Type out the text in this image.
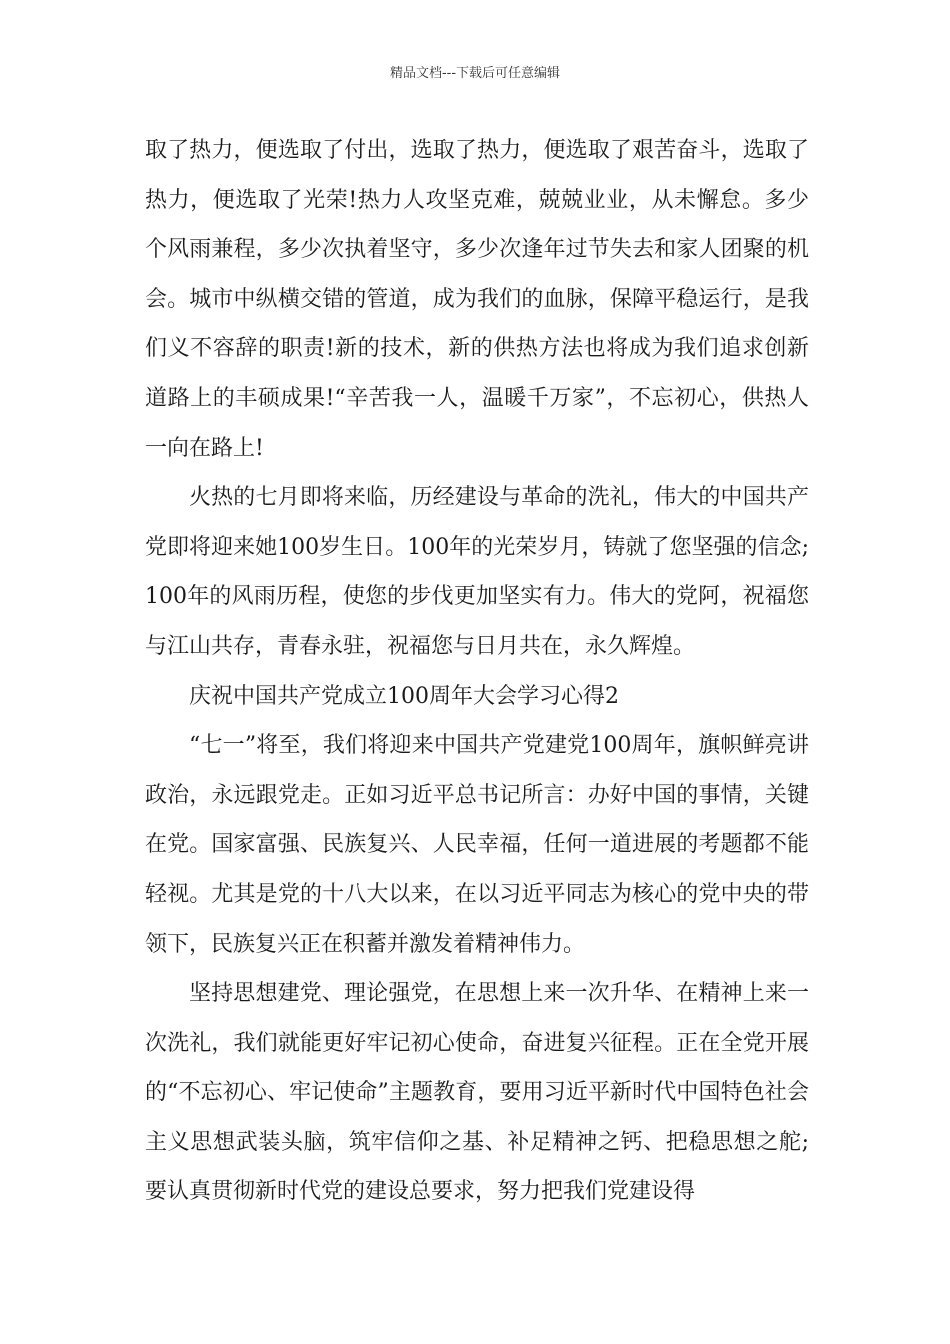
精品文档---下载后可任意编辑

取了热力，便选取了付出，选取了热力，便选取了艰苦奋斗，选取了热力，便选取了光荣!热力人攻坚克难，兢兢业业，从未懈怠。多少个风雨兼程，多少次执着坚守，多少次逢年过节失去和家人团聚的机会。城市中纵横交错的管道，成为我们的血脉，保障平稳运行，是我们义不容辞的职责!新的技术，新的供热方法也将成为我们追求创新道路上的丰硕成果!“辛苦我一人，温暖千万家”，不忘初心，供热人一向在路上!

火热的七月即将来临，历经建设与革命的洗礼，伟大的中国共产党即将迎来她100岁生日。100年的光荣岁月，铸就了您坚强的信念;100年的风雨历程，使您的步伐更加坚实有力。伟大的党阿，祝福您与江山共存，青春永驻，祝福您与日月共在，永久辉煌。

庆祝中国共产党成立100周年大会学习心得2

“七一”将至，我们将迎来中国共产党建党100周年，旗帜鲜亮讲政治，永远跟党走。正如习近平总书记所言：办好中国的事情，关键在党。国家富强、民族复兴、人民幸福，任何一道进展的考题都不能轻视。尤其是党的十八大以来，在以习近平同志为核心的党中央的带领下，民族复兴正在积蓄并激发着精神伟力。

坚持思想建党、理论强党，在思想上来一次升华、在精神上来一次洗礼，我们就能更好牢记初心使命，奋进复兴征程。正在全党开展的“不忘初心、牢记使命”主题教育，要用习近平新时代中国特色社会主义思想武装头脑，筑牢信仰之基、补足精神之钙、把稳思想之舵;要认真贯彻新时代党的建设总要求，努力把我们党建设得
